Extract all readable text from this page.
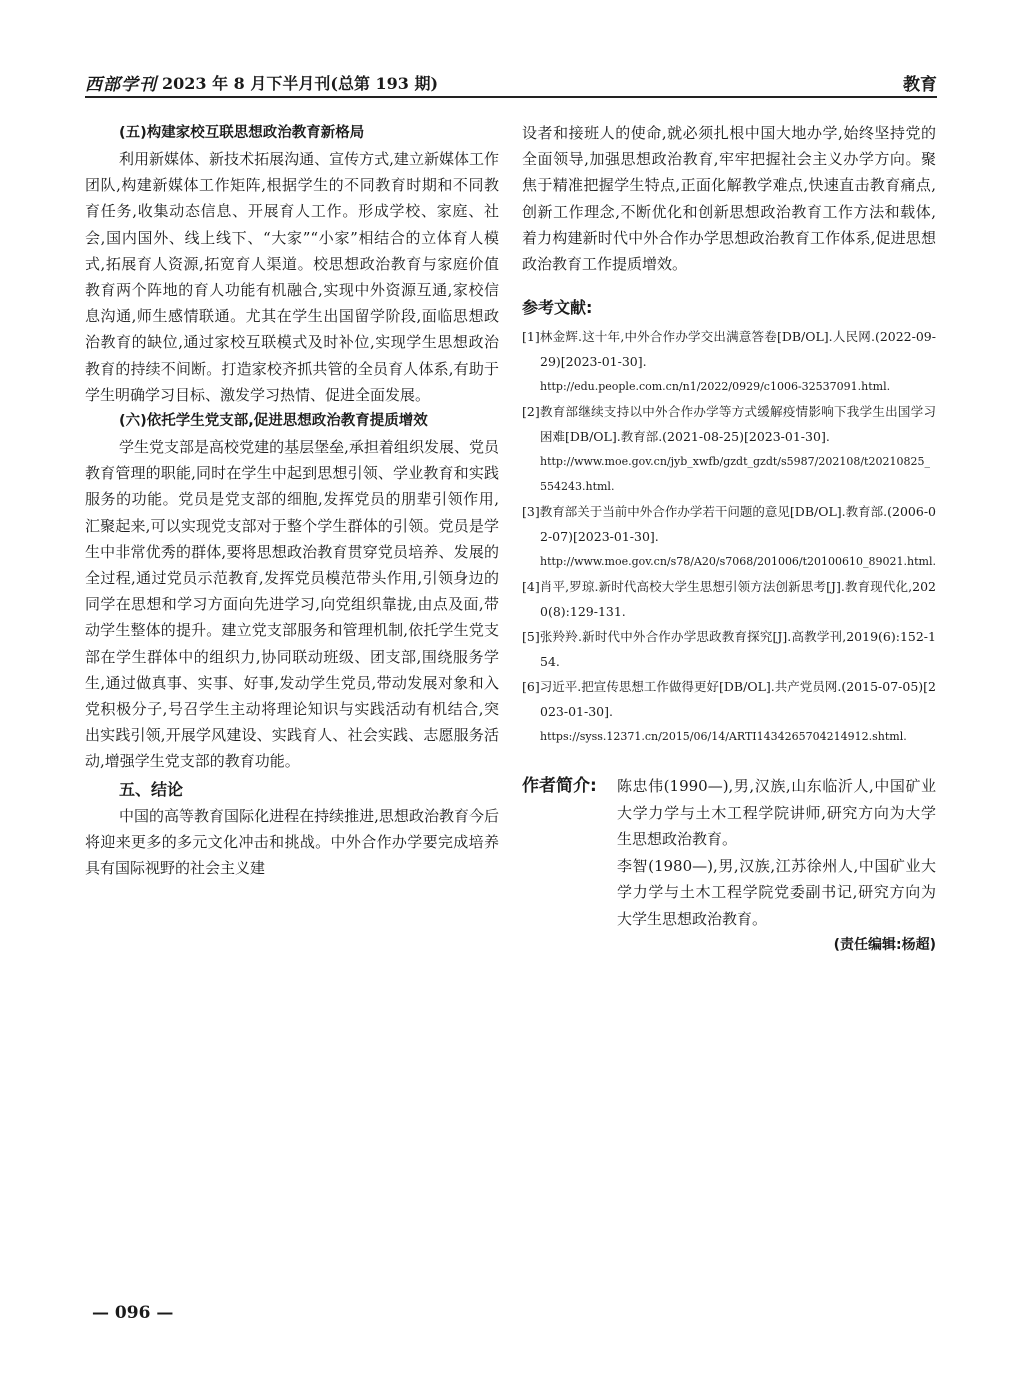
西部学刊 2023 年 8 月下半月刊(总第 193 期)	教育

(五)构建家校互联思想政治教育新格局

利用新媒体、新技术拓展沟通、宣传方式,建立新媒体工作团队,构建新媒体工作矩阵,根据学生的不同教育时期和不同教育任务,收集动态信息、开展育人工作。形成学校、家庭、社会,国内国外、线上线下、“大家”“小家”相结合的立体育人模式,拓展育人资源,拓宽育人渠道。校思想政治教育与家庭价值教育两个阵地的育人功能有机融合,实现中外资源互通,家校信息沟通,师生感情联通。尤其在学生出国留学阶段,面临思想政治教育的缺位,通过家校互联模式及时补位,实现学生思想政治教育的持续不间断。打造家校齐抓共管的全员育人体系,有助于学生明确学习目标、激发学习热情、促进全面发展。

(六)依托学生党支部,促进思想政治教育提质增效

学生党支部是高校党建的基层堡垒,承担着组织发展、党员教育管理的职能,同时在学生中起到思想引领、学业教育和实践服务的功能。党员是党支部的细胞,发挥党员的朋辈引领作用,汇聚起来,可以实现党支部对于整个学生群体的引领。党员是学生中非常优秀的群体,要将思想政治教育贯穿党员培养、发展的全过程,通过党员示范教育,发挥党员模范带头作用,引领身边的同学在思想和学习方面向先进学习,向党组织靠拢,由点及面,带动学生整体的提升。建立党支部服务和管理机制,依托学生党支部在学生群体中的组织力,协同联动班级、团支部,围绕服务学生,通过做真事、实事、好事,发动学生党员,带动发展对象和入党积极分子,号召学生主动将理论知识与实践活动有机结合,突出实践引领,开展学风建设、实践育人、社会实践、志愿服务活动,增强学生党支部的教育功能。

五、结论

中国的高等教育国际化进程在持续推进,思想政治教育今后将迎来更多的多元文化冲击和挑战。中外合作办学要完成培养具有国际视野的社会主义建

设者和接班人的使命,就必须扎根中国大地办学,始终坚持党的全面领导,加强思想政治教育,牢牢把握社会主义办学方向。聚焦于精准把握学生特点,正面化解教学难点,快速直击教育痛点,创新工作理念,不断优化和创新思想政治教育工作方法和载体,着力构建新时代中外合作办学思想政治教育工作体系,促进思想政治教育工作提质增效。

参考文献:

[1]林金辉.这十年,中外合作办学交出满意答卷[DB/OL].人民网.(2022-09-29)[2023-01-30].
http://edu.people.com.cn/n1/2022/0929/c1006-32537091.html.

[2]教育部继续支持以中外合作办学等方式缓解疫情影响下我学生出国学习困难[DB/OL].教育部.(2021-08-25)[2023-01-30].
http://www.moe.gov.cn/jyb_xwfb/gzdt_gzdt/s5987/202108/t20210825_554243.html.

[3]教育部关于当前中外合作办学若干问题的意见[DB/OL].教育部.(2006-02-07)[2023-01-30].
http://www.moe.gov.cn/s78/A20/s7068/201006/t20100610_89021.html.

[4]肖平,罗琼.新时代高校大学生思想引领方法创新思考[J].教育现代化,2020(8):129-131.

[5]张羚羚.新时代中外合作办学思政教育探究[J].高教学刊,2019(6):152-154.

[6]习近平.把宣传思想工作做得更好[DB/OL].共产党员网.(2015-07-05)[2023-01-30].
https://syss.12371.cn/2015/06/14/ARTI1434265704214912.shtml.

作者简介: 陈忠伟(1990—),男,汉族,山东临沂人,中国矿业大学力学与土木工程学院讲师,研究方向为大学生思想政治教育。

李智(1980—),男,汉族,江苏徐州人,中国矿业大学力学与土木工程学院党委副书记,研究方向为大学生思想政治教育。

(责任编辑:杨超)
— 096 —
